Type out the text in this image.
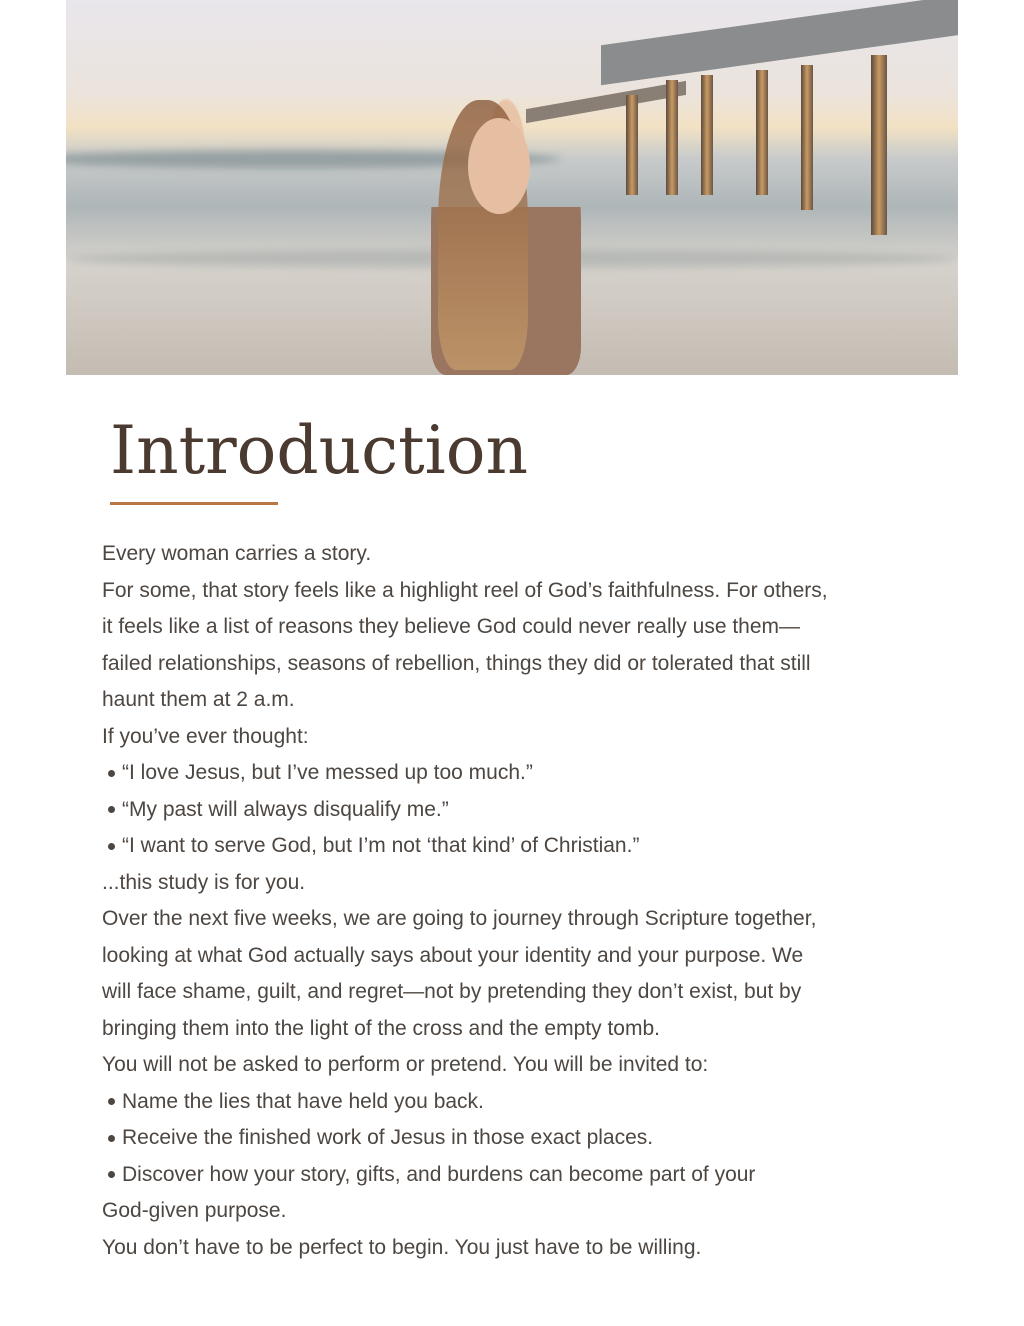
Introduction
Every woman carries a story.
For some, that story feels like a highlight reel of God’s faithfulness. For others,
it feels like a list of reasons they believe God could never really use them—
failed relationships, seasons of rebellion, things they did or tolerated that still
haunt them at 2 a.m.
If you’ve ever thought:
“I love Jesus, but I’ve messed up too much.”
“My past will always disqualify me.”
“I want to serve God, but I’m not ‘that kind’ of Christian.”
...this study is for you.
Over the next five weeks, we are going to journey through Scripture together,
looking at what God actually says about your identity and your purpose. We
will face shame, guilt, and regret—not by pretending they don’t exist, but by
bringing them into the light of the cross and the empty tomb.
You will not be asked to perform or pretend. You will be invited to:
Name the lies that have held you back.
Receive the finished work of Jesus in those exact places.
Discover how your story, gifts, and burdens can become part of your
God-given purpose.
You don’t have to be perfect to begin. You just have to be willing.
